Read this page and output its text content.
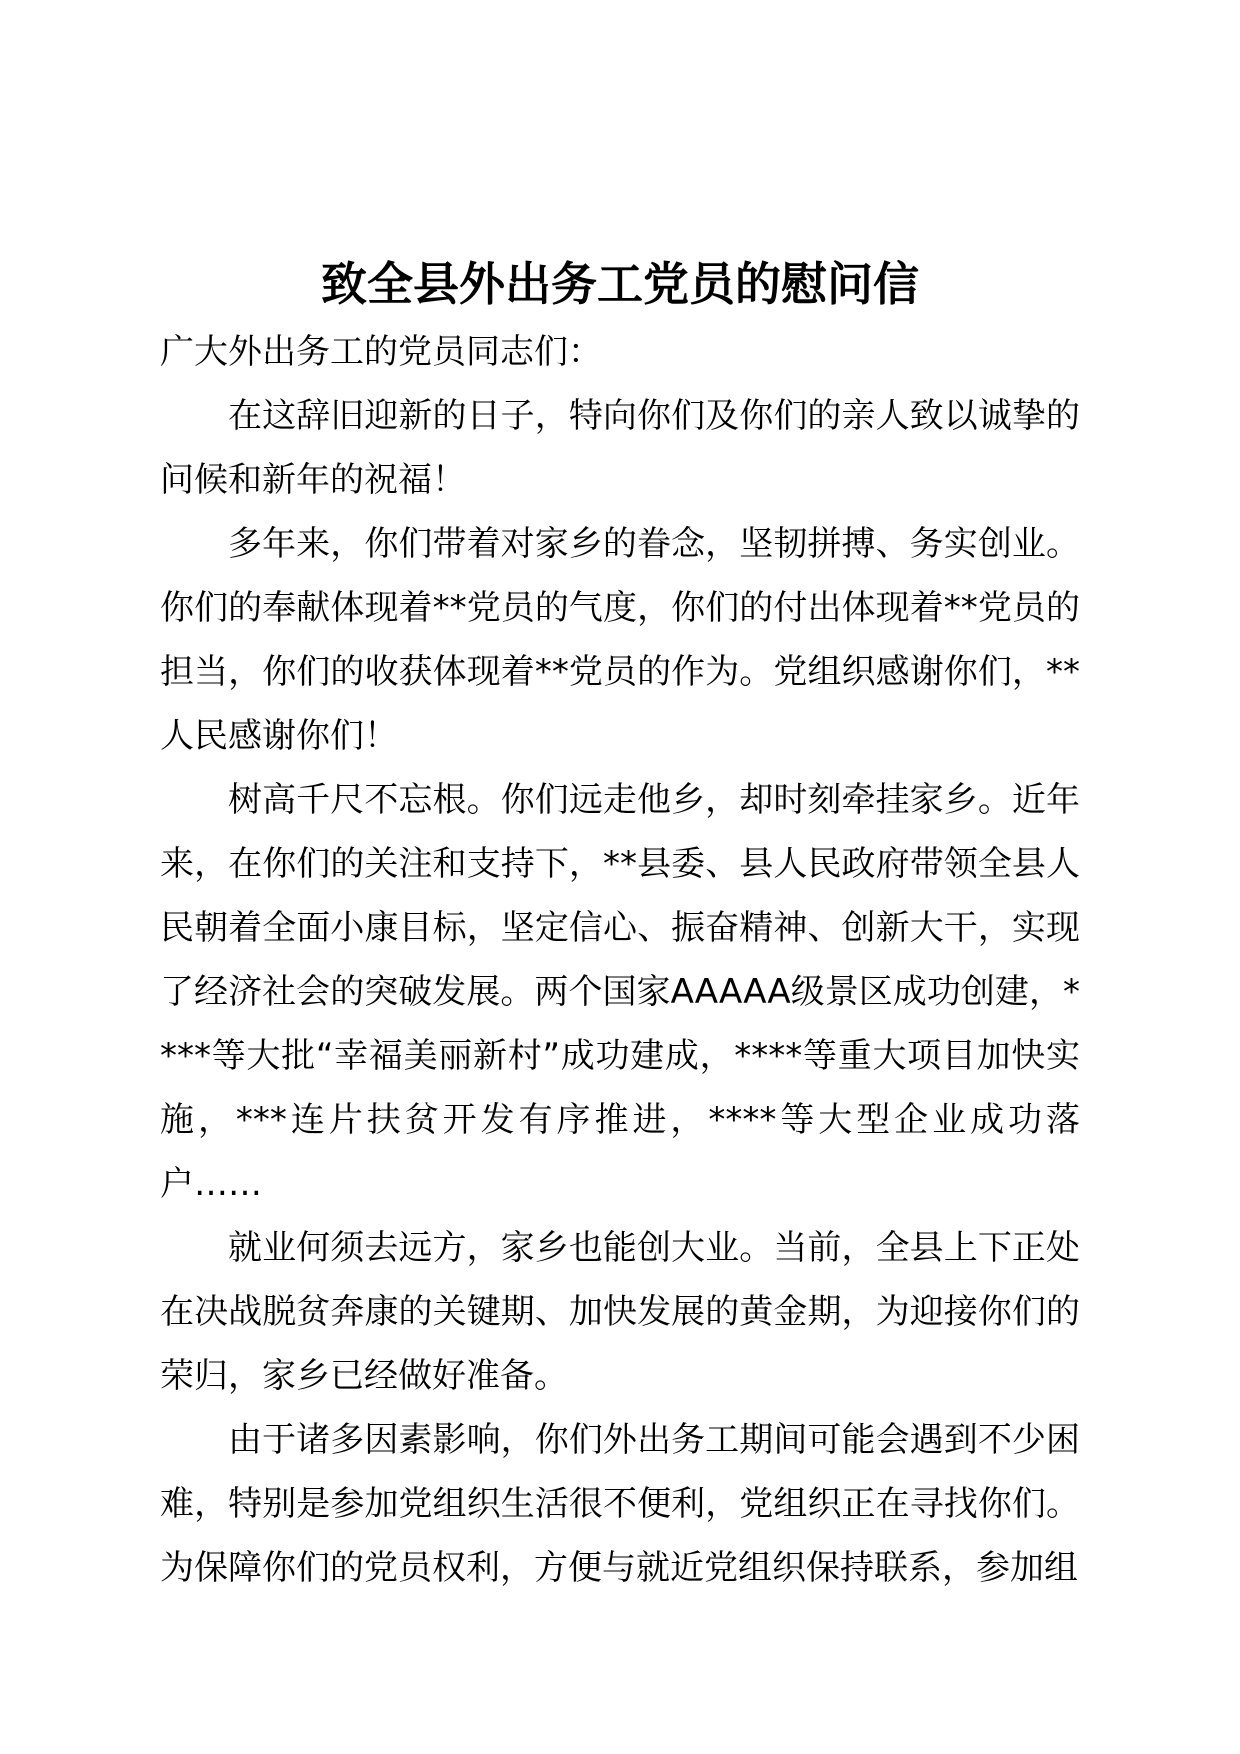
致全县外出务工党员的慰问信

广大外出务工的党员同志们：

在这辞旧迎新的日子，特向你们及你们的亲人致以诚挚的问候和新年的祝福！

多年来，你们带着对家乡的眷念，坚韧拼搏、务实创业。你们的奉献体现着**党员的气度，你们的付出体现着**党员的担当，你们的收获体现着**党员的作为。党组织感谢你们，**人民感谢你们！

树高千尺不忘根。你们远走他乡，却时刻牵挂家乡。近年来，在你们的关注和支持下，**县委、县人民政府带领全县人民朝着全面小康目标，坚定信心、振奋精神、创新大干，实现了经济社会的突破发展。两个国家AAAAA级景区成功创建，****等大批“幸福美丽新村”成功建成，****等重大项目加快实施，***连片扶贫开发有序推进，****等大型企业成功落户……

就业何须去远方，家乡也能创大业。当前，全县上下正处在决战脱贫奔康的关键期、加快发展的黄金期，为迎接你们的荣归，家乡已经做好准备。

由于诸多因素影响，你们外出务工期间可能会遇到不少困难，特别是参加党组织生活很不便利，党组织正在寻找你们。为保障你们的党员权利，方便与就近党组织保持联系，参加组
